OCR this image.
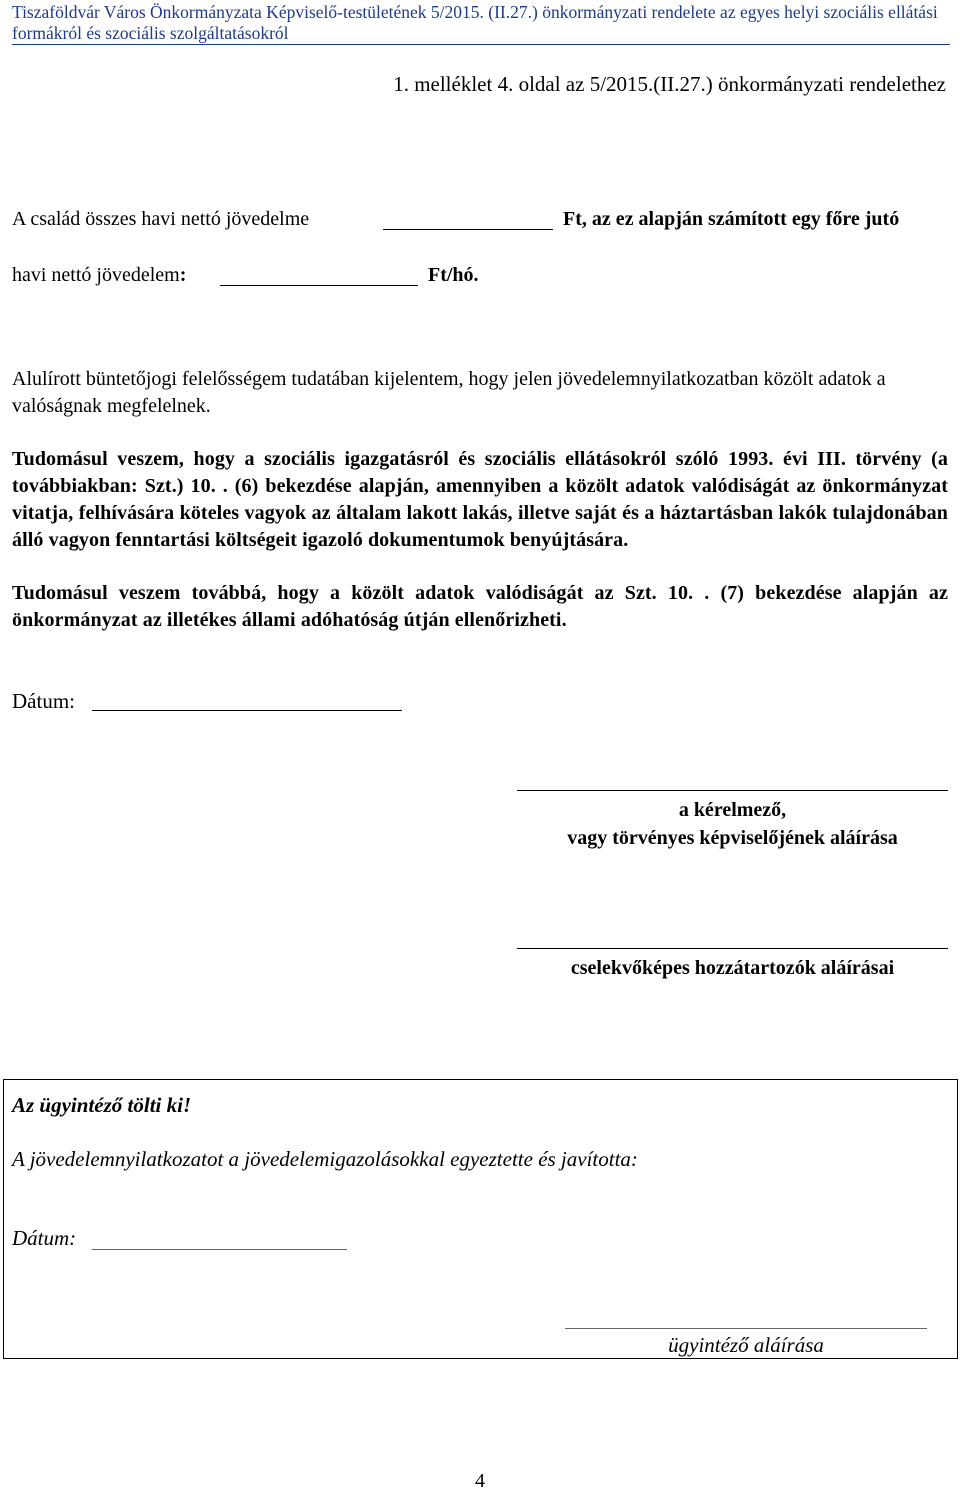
Tiszaföldvár Város Önkormányzata Képviselő-testületének 5/2015. (II.27.) önkormányzati rendelete az egyes helyi szociális ellátási formákról és szociális szolgáltatásokról
1. melléklet 4. oldal az 5/2015.(II.27.) önkormányzati rendelethez
A család összes havi nettó jövedelme	Ft, az ez alapján számított egy főre jutó
havi nettó jövedelem:	Ft/hó.
Alulírott büntetőjogi felelősségem tudatában kijelentem, hogy jelen jövedelemnyilatkozatban közölt adatok a valóságnak megfelelnek.
Tudomásul veszem, hogy a szociális igazgatásról és szociális ellátásokról szóló 1993. évi III. törvény (a továbbiakban: Szt.) 10. . (6) bekezdése alapján, amennyiben a közölt adatok valódiságát az önkormányzat vitatja, felhívására köteles vagyok az általam lakott lakás, illetve saját és a háztartásban lakók tulajdonában álló vagyon fenntartási költségeit igazoló dokumentumok benyújtására.
Tudomásul veszem továbbá, hogy a közölt adatok valódiságát az Szt. 10. . (7) bekezdése alapján az önkormányzat az illetékes állami adóhatóság útján ellenőrizheti.
Dátum:
a kérelmező,
vagy törvényes képviselőjének aláírása
cselekvőképes hozzátartozók aláírásai
Az ügyintéző tölti ki!
A jövedelemnyilatkozatot a jövedelemigazolásokkal egyeztette és javította:
Dátum:
ügyintéző aláírása
4
